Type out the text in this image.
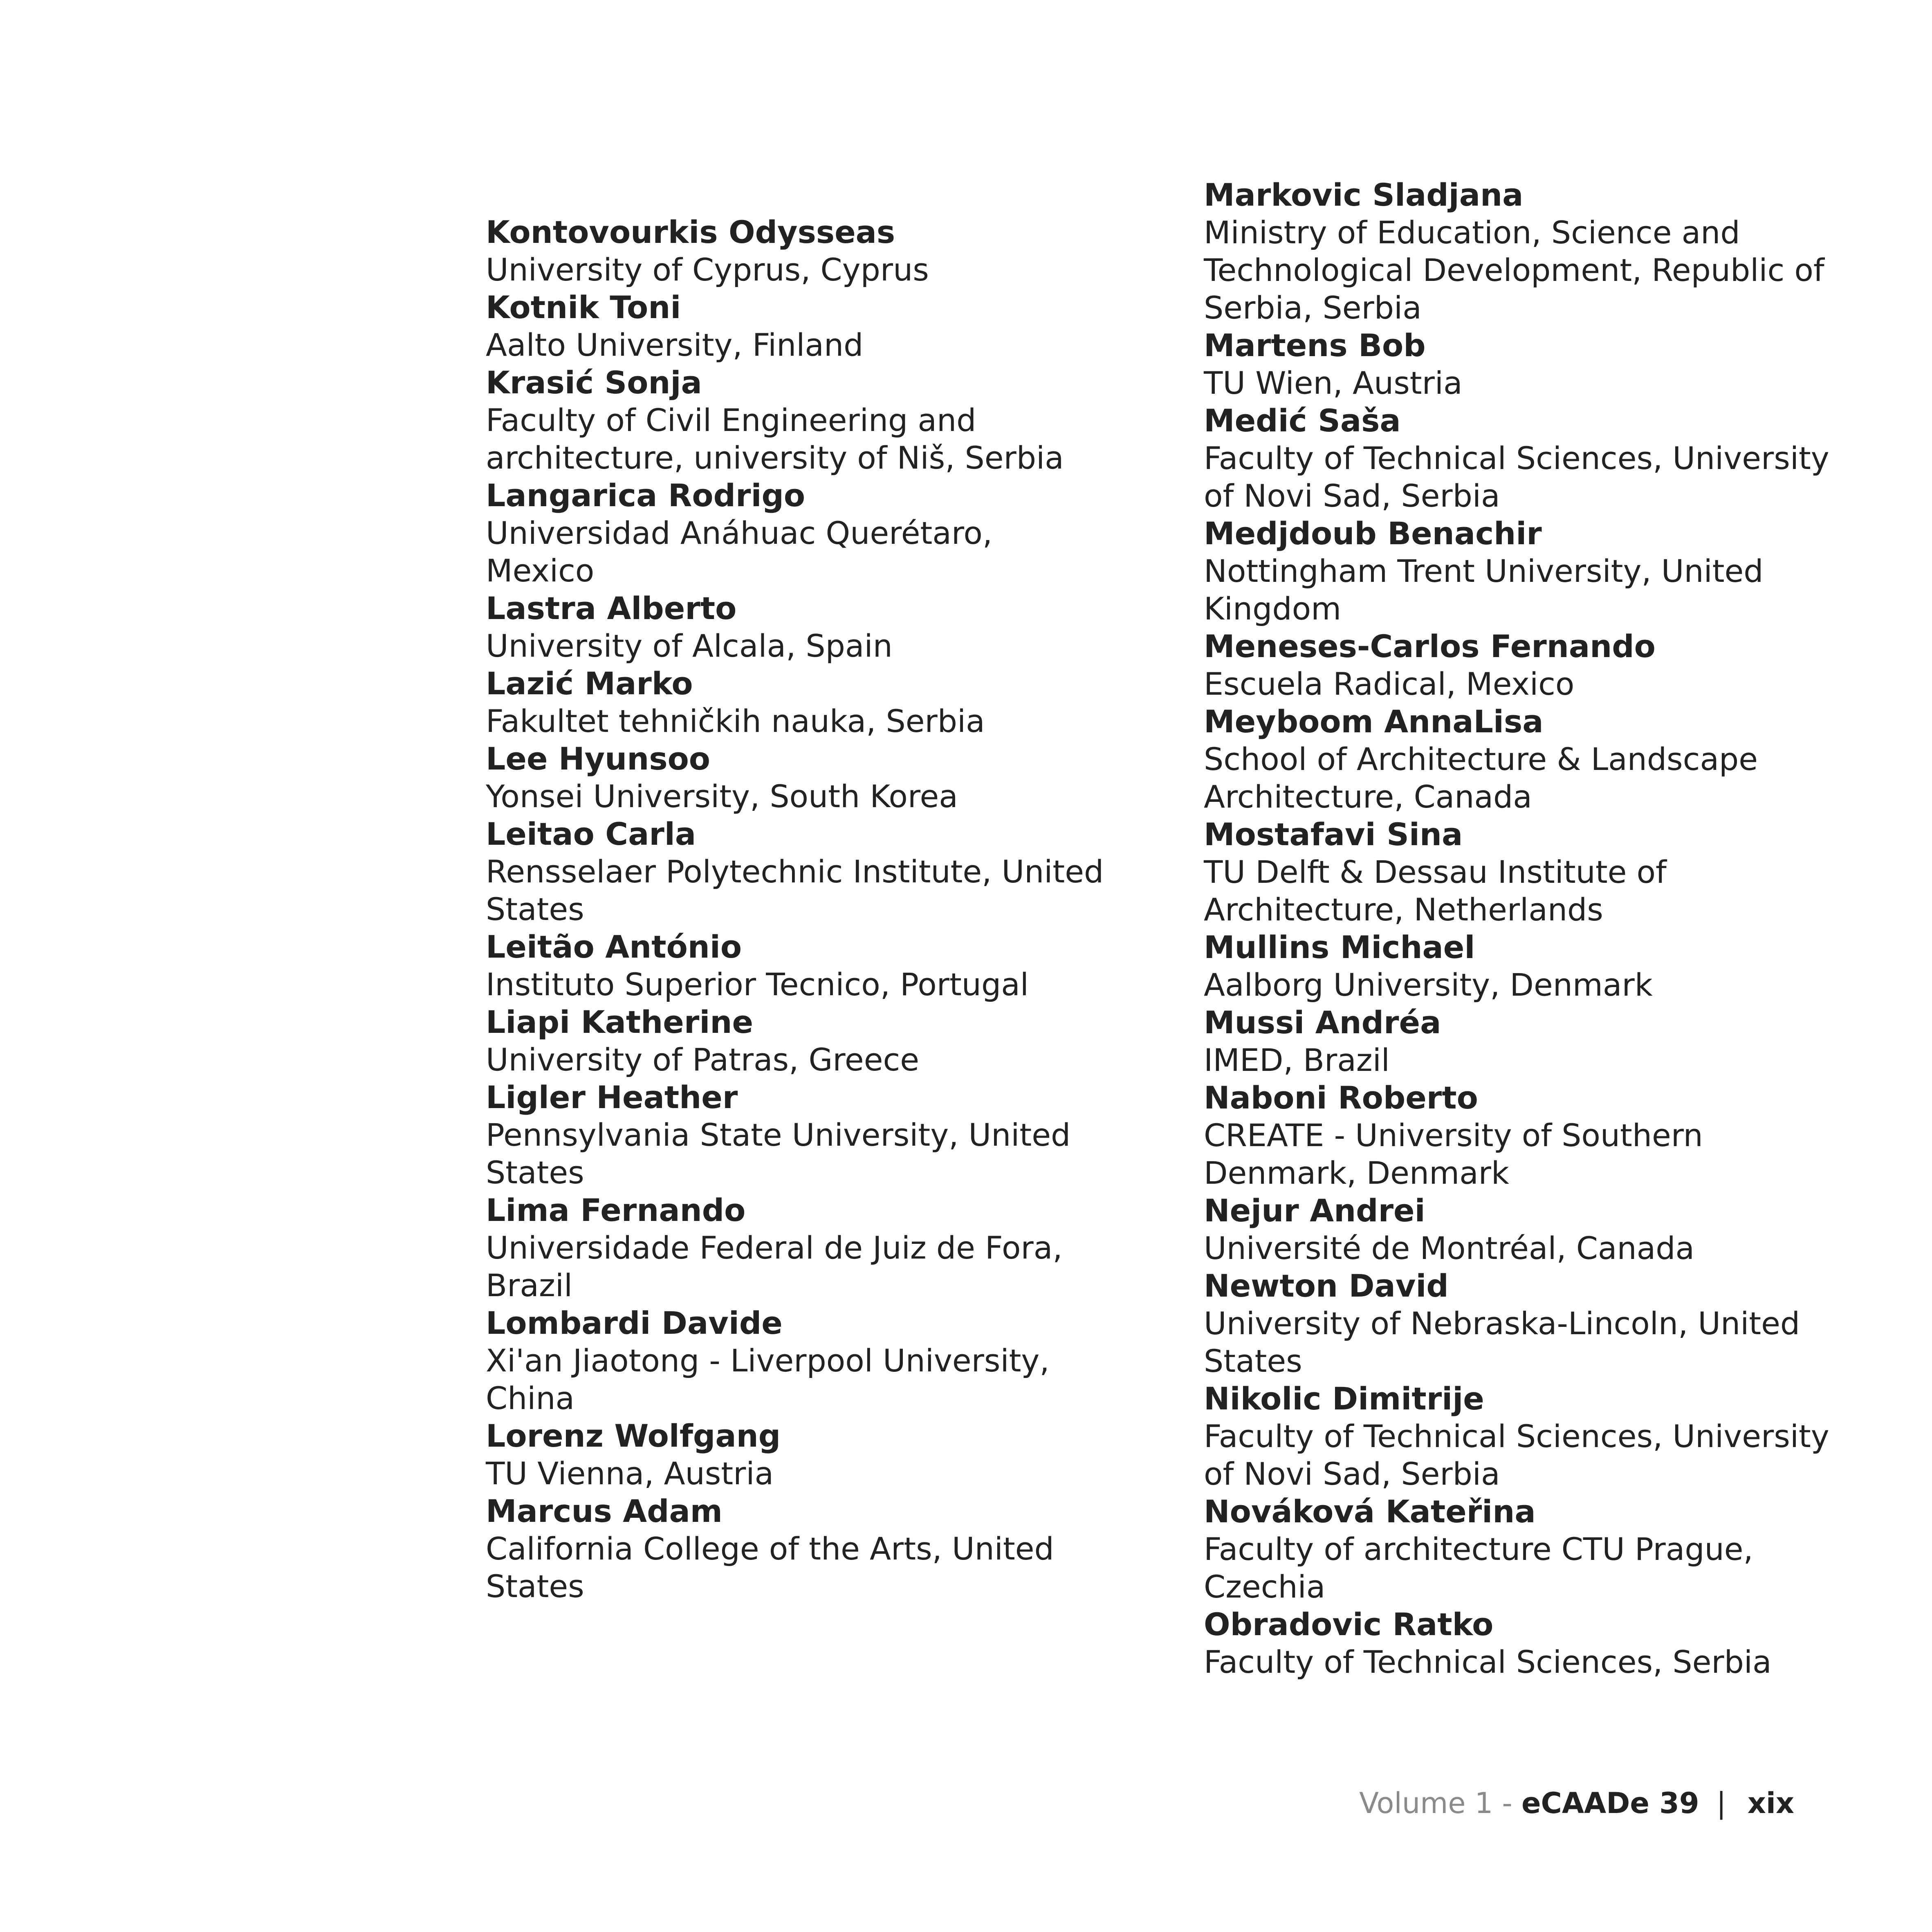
Kontovourkis Odysseas
University of Cyprus, Cyprus
Kotnik Toni
Aalto University, Finland
Krasić Sonja
Faculty of Civil Engineering and architecture, university of Niš, Serbia
Langarica Rodrigo
Universidad Anáhuac Querétaro, Mexico
Lastra Alberto
University of Alcala, Spain
Lazić Marko
Fakultet tehničkih nauka, Serbia
Lee Hyunsoo
Yonsei University, South Korea
Leitao Carla
Rensselaer Polytechnic Institute, United States
Leitão António
Instituto Superior Tecnico, Portugal
Liapi Katherine
University of Patras, Greece
Ligler Heather
Pennsylvania State University, United States
Lima Fernando
Universidade Federal de Juiz de Fora, Brazil
Lombardi Davide
Xi'an Jiaotong - Liverpool University, China
Lorenz Wolfgang
TU Vienna, Austria
Marcus Adam
California College of the Arts, United States
Markovic Sladjana
Ministry of Education, Science and Technological Development, Republic of Serbia, Serbia
Martens Bob
TU Wien, Austria
Medić Saša
Faculty of Technical Sciences, University of Novi Sad, Serbia
Medjdoub Benachir
Nottingham Trent University, United Kingdom
Meneses-Carlos Fernando
Escuela Radical, Mexico
Meyboom AnnaLisa
School of Architecture & Landscape Architecture, Canada
Mostafavi Sina
TU Delft & Dessau Institute of Architecture, Netherlands
Mullins Michael
Aalborg University, Denmark
Mussi Andréa
IMED, Brazil
Naboni Roberto
CREATE - University of Southern Denmark, Denmark
Nejur Andrei
Université de Montréal, Canada
Newton David
University of Nebraska-Lincoln, United States
Nikolic Dimitrije
Faculty of Technical Sciences, University of Novi Sad, Serbia
Nováková Kateřina
Faculty of architecture CTU Prague, Czechia
Obradovic Ratko
Faculty of Technical Sciences, Serbia
Volume 1 - eCAADe 39 | xix
